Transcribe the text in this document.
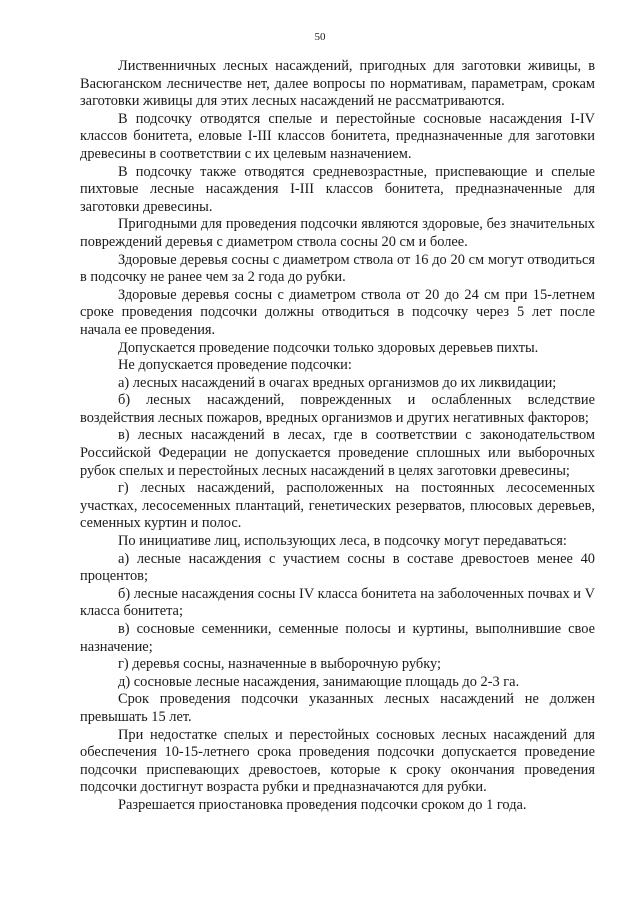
50

Лиственничных лесных насаждений, пригодных для заготовки живицы, в Васюганском лесничестве нет, далее вопросы по нормативам, параметрам, срокам заготовки живицы для этих лесных насаждений не рассматриваются.

В подсочку отводятся спелые и перестойные сосновые насаждения I-IV классов бонитета, еловые I-III классов бонитета, предназначенные для заготовки древесины в соответствии с их целевым назначением.

В подсочку также отводятся средневозрастные, приспевающие и спелые пихтовые лесные насаждения I-III классов бонитета, предназначенные для заготовки древесины.

Пригодными для проведения подсочки являются здоровые, без значительных повреждений деревья с диаметром ствола сосны 20 см и более.

Здоровые деревья сосны с диаметром ствола от 16 до 20 см могут отводиться в подсочку не ранее чем за 2 года до рубки.

Здоровые деревья сосны с диаметром ствола от 20 до 24 см при 15-летнем сроке проведения подсочки должны отводиться в подсочку через 5 лет после начала ее проведения.

Допускается проведение подсочки только здоровых деревьев пихты.

Не допускается проведение подсочки:

а) лесных насаждений в очагах вредных организмов до их ликвидации;

б) лесных насаждений, поврежденных и ослабленных вследствие воздействия лесных пожаров, вредных организмов и других негативных факторов;

в) лесных насаждений в лесах, где в соответствии с законодательством Российской Федерации не допускается проведение сплошных или выборочных рубок спелых и перестойных лесных насаждений в целях заготовки древесины;

г) лесных насаждений, расположенных на постоянных лесосеменных участках, лесосеменных плантаций, генетических резерватов, плюсовых деревьев, семенных куртин и полос.

По инициативе лиц, использующих леса, в подсочку могут передаваться:

а) лесные насаждения с участием сосны в составе древостоев менее 40 процентов;

б) лесные насаждения сосны IV класса бонитета на заболоченных почвах и V класса бонитета;

в) сосновые семенники, семенные полосы и куртины, выполнившие свое назначение;

г) деревья сосны, назначенные в выборочную рубку;

д) сосновые лесные насаждения, занимающие площадь до 2-3 га.

Срок проведения подсочки указанных лесных насаждений не должен превышать 15 лет.

При недостатке спелых и перестойных сосновых лесных насаждений для обеспечения 10-15-летнего срока проведения подсочки допускается проведение подсочки приспевающих древостоев, которые к сроку окончания проведения подсочки достигнут возраста рубки и предназначаются для рубки.

Разрешается приостановка проведения подсочки сроком до 1 года.
